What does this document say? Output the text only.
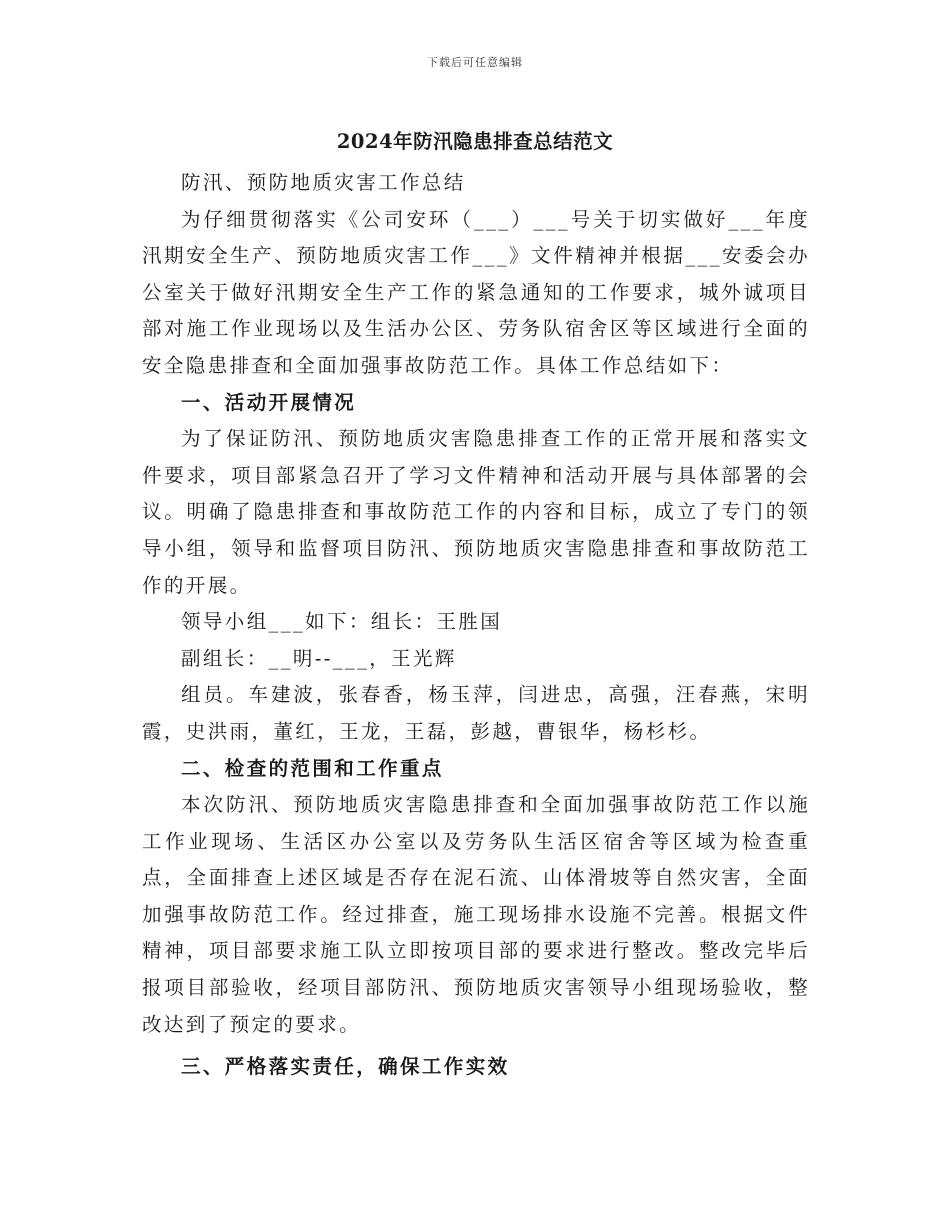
下载后可任意编辑
2024年防汛隐患排查总结范文

防汛、预防地质灾害工作总结

为仔细贯彻落实《公司安环（___）___号关于切实做好___年度汛期安全生产、预防地质灾害工作___》文件精神并根据___安委会办公室关于做好汛期安全生产工作的紧急通知的工作要求，城外诚项目部对施工作业现场以及生活办公区、劳务队宿舍区等区域进行全面的安全隐患排查和全面加强事故防范工作。具体工作总结如下：

一、活动开展情况

为了保证防汛、预防地质灾害隐患排查工作的正常开展和落实文件要求，项目部紧急召开了学习文件精神和活动开展与具体部署的会议。明确了隐患排查和事故防范工作的内容和目标，成立了专门的领导小组，领导和监督项目防汛、预防地质灾害隐患排查和事故防范工作的开展。

领导小组___如下：组长：王胜国

副组长：__明--___，王光辉

组员。车建波，张春香，杨玉萍，闫进忠，高强，汪春燕，宋明霞，史洪雨，董红，王龙，王磊，彭越，曹银华，杨杉杉。

二、检查的范围和工作重点

本次防汛、预防地质灾害隐患排查和全面加强事故防范工作以施工作业现场、生活区办公室以及劳务队生活区宿舍等区域为检查重点，全面排查上述区域是否存在泥石流、山体滑坡等自然灾害，全面加强事故防范工作。经过排查，施工现场排水设施不完善。根据文件精神，项目部要求施工队立即按项目部的要求进行整改。整改完毕后报项目部验收，经项目部防汛、预防地质灾害领导小组现场验收，整改达到了预定的要求。

三、严格落实责任，确保工作实效
